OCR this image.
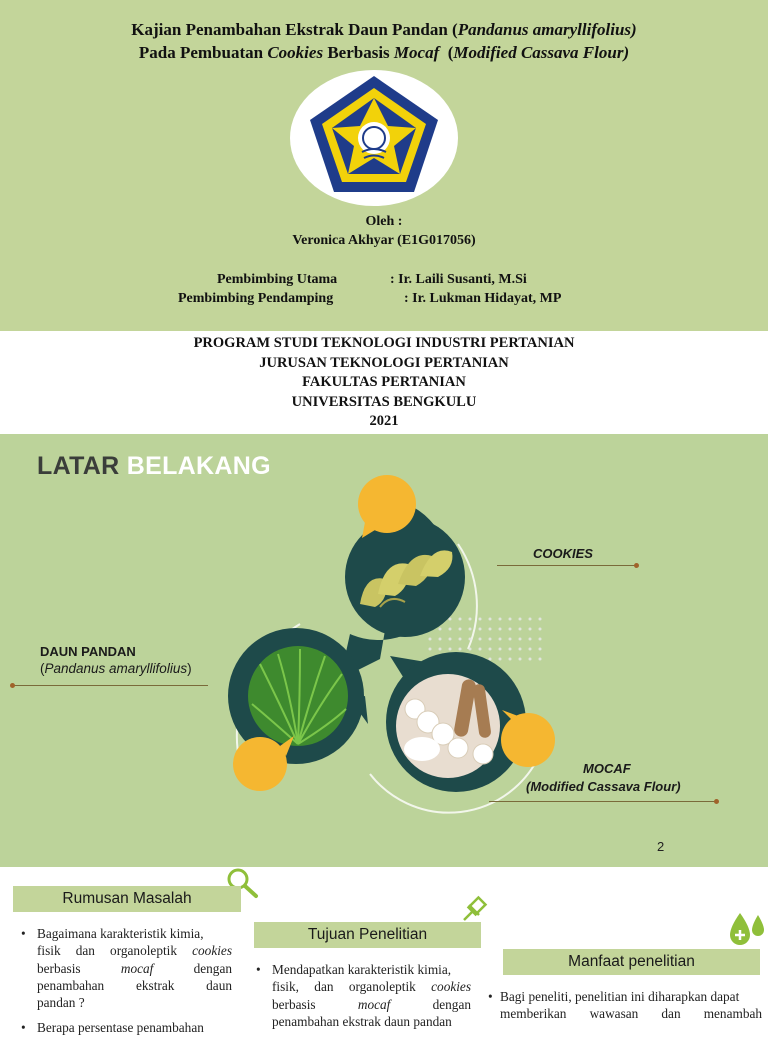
Kajian Penambahan Ekstrak Daun Pandan (Pandanus amaryllifolius)
Pada Pembuatan Cookies Berbasis Mocaf  (Modified Cassava Flour)
Oleh :
Veronica Akhyar (E1G017056)
Pembimbing Utama	: Ir. Laili Susanti, M.Si
Pembimbing Pendamping	: Ir. Lukman Hidayat, MP
PROGRAM STUDI TEKNOLOGI INDUSTRI PERTANIAN
JURUSAN TEKNOLOGI PERTANIAN
FAKULTAS PERTANIAN
UNIVERSITAS BENGKULU
2021
LATAR BELAKANG
COOKIES
DAUN PANDAN
(Pandanus amaryllifolius)
MOCAF
(Modified Cassava Flour)
2
Rumusan Masalah
• Bagaimana karakteristik kimia,
fisik dan organoleptik cookies
berbasis	mocaf	dengan
penambahan ekstrak daun
pandan ?
• Berapa persentase penambahan
Tujuan Penelitian
• Mendapatkan karakteristik kimia,
fisik, dan organoleptik cookies
berbasis	mocaf	dengan
penambahan ekstrak daun pandan
Manfaat penelitian
• Bagi peneliti, penelitian ini diharapkan dapat
memberikan wawasan dan menambah
